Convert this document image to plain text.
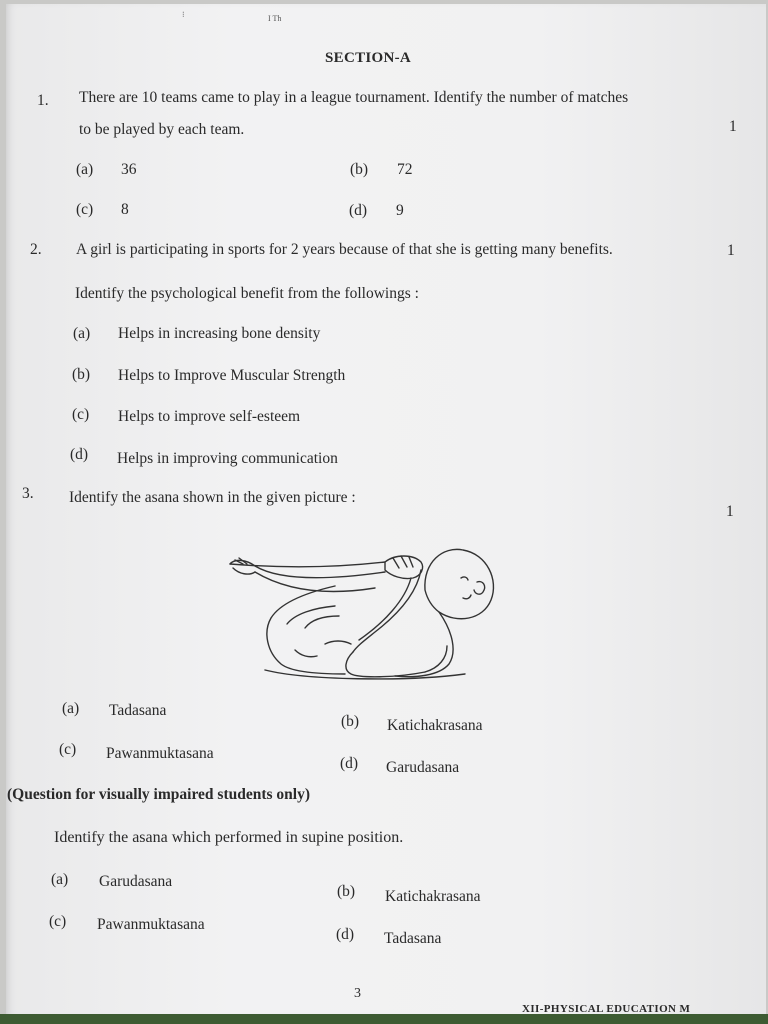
⁝	I Th
SECTION-A
1. There are 10 teams came to play in a league tournament. Identify the number of matches
to be played by each team.	1
(a) 36	(b) 72
(c) 8	(d) 9
2. A girl is participating in sports for 2 years because of that she is getting many benefits.	1
Identify the psychological benefit from the followings :
(a) Helps in increasing bone density
(b) Helps to Improve Muscular Strength
(c) Helps to improve self-esteem
(d) Helps in improving communication
3. Identify the asana shown in the given picture :
1
(a) Tadasana
(b) Katichakrasana
(c) Pawanmuktasana
(d) Garudasana
(Question for visually impaired students only)
Identify the asana which performed in supine position.
(a) Garudasana
(b) Katichakrasana
(c) Pawanmuktasana
(d) Tadasana
3
XII-PHYSICAL EDUCATION M
